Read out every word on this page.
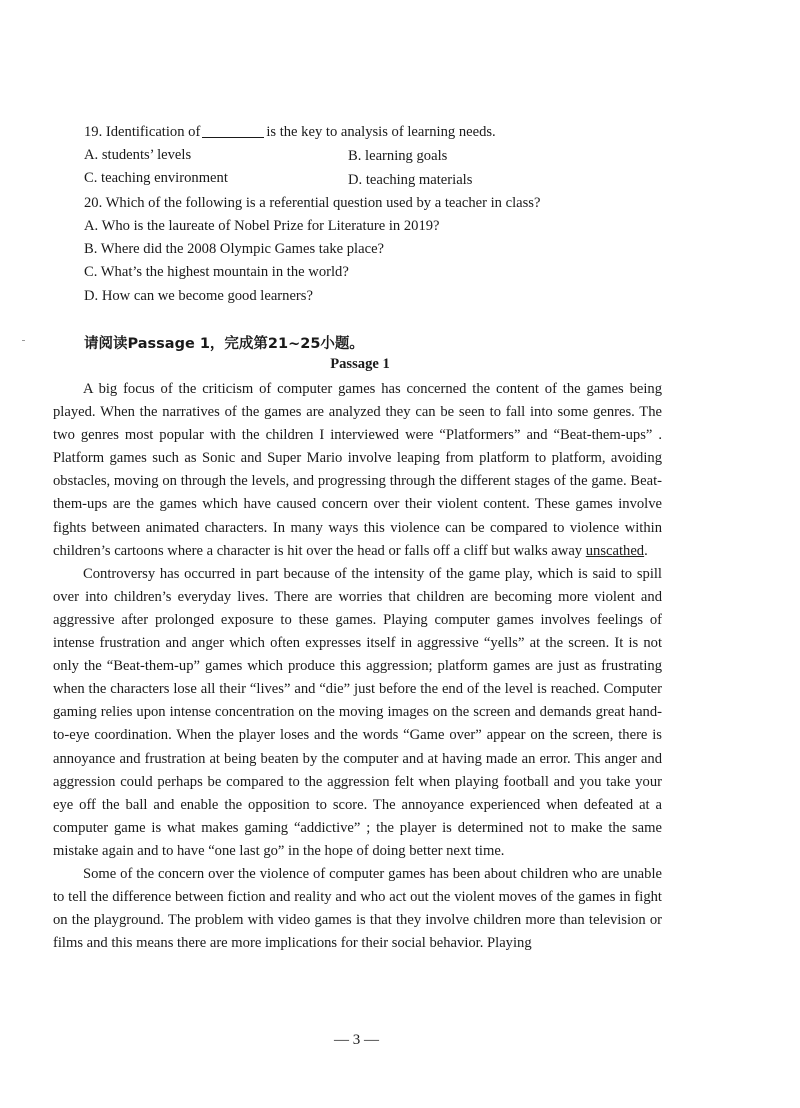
19. Identification of	is the key to analysis of learning needs.
A. students’ levels	B. learning goals
C. teaching environment	D. teaching materials
20. Which of the following is a referential question used by a teacher in class?
A. Who is the laureate of Nobel Prize for Literature in 2019?
B. Where did the 2008 Olympic Games take place?
C. What’s the highest mountain in the world?
D. How can we become good learners?
请阅读Passage 1，完成第21~25小题。
Passage 1

A big focus of the criticism of computer games has concerned the content of the games being played. When the narratives of the games are analyzed they can be seen to fall into some genres. The two genres most popular with the children I interviewed were “Platformers” and “Beat-them-ups” . Platform games such as Sonic and Super Mario involve leaping from platform to platform, avoiding obstacles, moving on through the levels, and progressing through the different stages of the game. Beat-them-ups are the games which have caused concern over their violent content. These games involve fights between animated characters. In many ways this violence can be compared to violence within children’s cartoons where a character is hit over the head or falls off a cliff but walks away unscathed.

Controversy has occurred in part because of the intensity of the game play, which is said to spill over into children’s everyday lives. There are worries that children are becoming more violent and aggressive after prolonged exposure to these games. Playing computer games involves feelings of intense frustration and anger which often expresses itself in aggressive “yells” at the screen. It is not only the “Beat-them-up” games which produce this aggression; platform games are just as frustrating when the characters lose all their “lives” and “die” just before the end of the level is reached. Computer gaming relies upon intense concentration on the moving images on the screen and demands great hand-to-eye coordination. When the player loses and the words “Game over” appear on the screen, there is annoyance and frustration at being beaten by the computer and at having made an error. This anger and aggression could perhaps be compared to the aggression felt when playing football and you take your eye off the ball and enable the opposition to score. The annoyance experienced when defeated at a computer game is what makes gaming “addictive” ; the player is determined not to make the same mistake again and to have “one last go” in the hope of doing better next time.

Some of the concern over the violence of computer games has been about children who are unable to tell the difference between fiction and reality and who act out the violent moves of the games in fight on the playground. The problem with video games is that they involve children more than television or films and this means there are more implications for their social behavior. Playing

— 3 —
